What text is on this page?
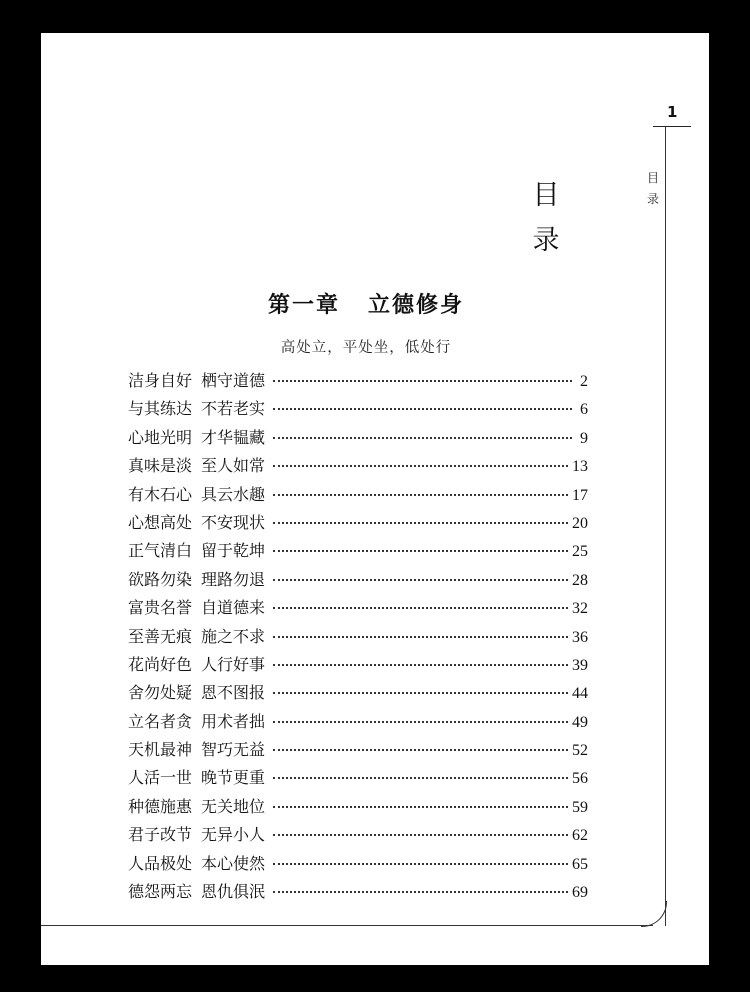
1
目
录
目
录
第一章 立德修身
高处立，平处坐，低处行
洁身自好 栖守道德	2
与其练达 不若老实	6
心地光明 才华韫藏	9
真味是淡 至人如常	13
有木石心 具云水趣	17
心想高处 不安现状	20
正气清白 留于乾坤	25
欲路勿染 理路勿退	28
富贵名誉 自道德来	32
至善无痕 施之不求	36
花尚好色 人行好事	39
舍勿处疑 恩不图报	44
立名者贪 用术者拙	49
天机最神 智巧无益	52
人活一世 晚节更重	56
种德施惠 无关地位	59
君子改节 无异小人	62
人品极处 本心使然	65
德怨两忘 恩仇俱泯	69
